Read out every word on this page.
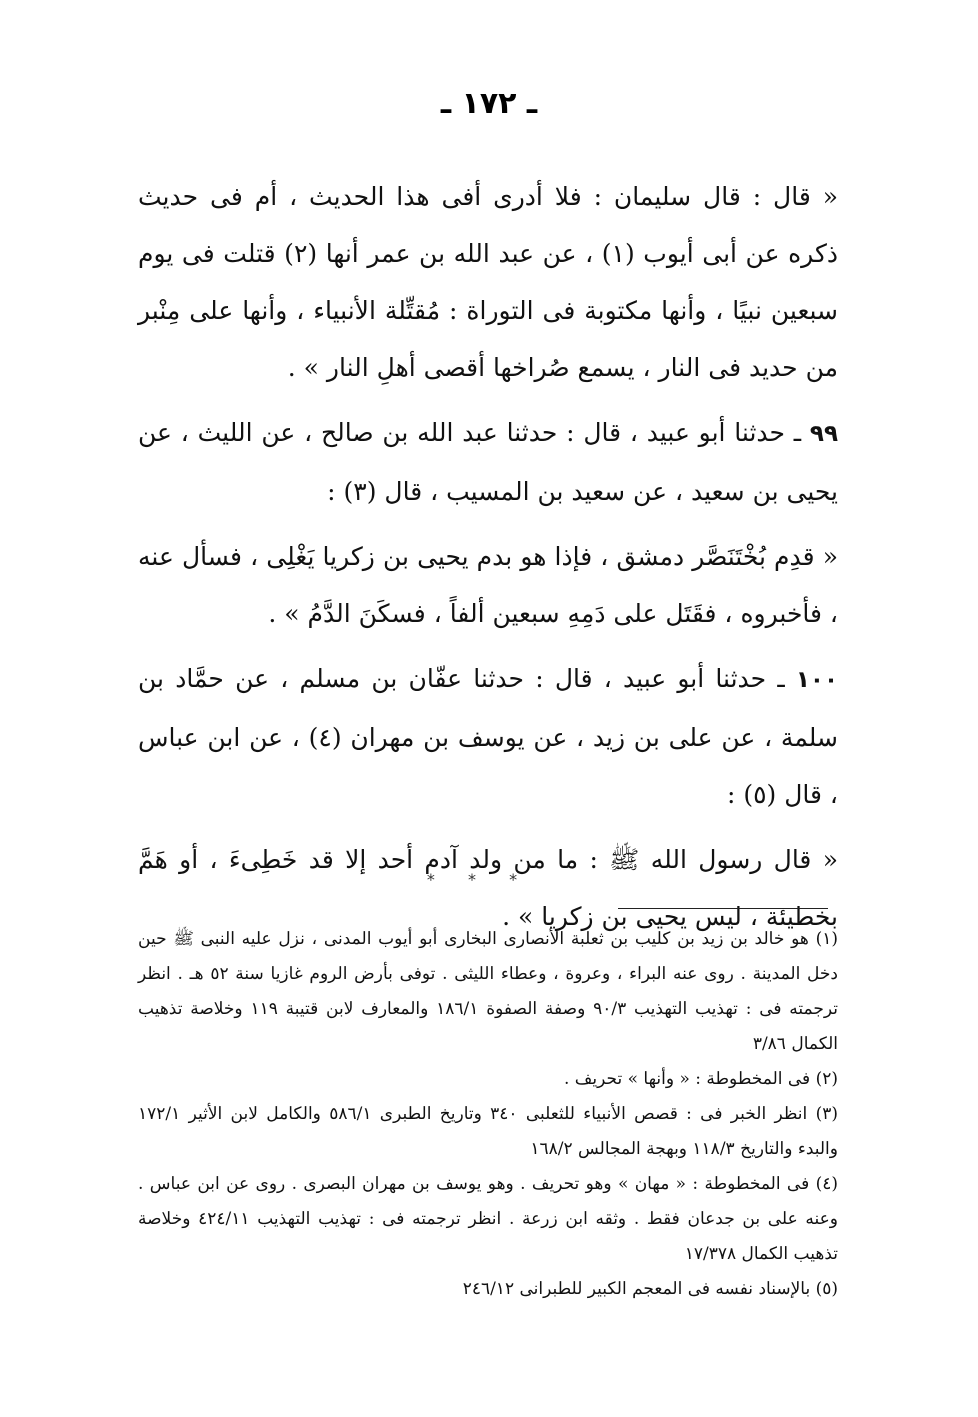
ـ ١٧٢ ـ

« قال : قال سليمان : فلا أدرى أفى هذا الحديث ، أم فى حديث ذكره عن أبى أيوب (١) ، عن عبد الله بن عمر أنها (٢) قتلت فى يوم سبعين نبيًا ، وأنها مكتوبة فى التوراة : مُقتِّلة الأنبياء ، وأنها على مِنْبر من حديد فى النار ، يسمع صُراخها أقصى أهلِ النار » .

٩٩ ـ حدثنا أبو عبيد ، قال : حدثنا عبد الله بن صالح ، عن الليث ، عن يحيى بن سعيد ، عن سعيد بن المسيب ، قال (٣) :

« قدِم بُخْتَنَصَّر دمشق ، فإذا هو بدم يحيى بن زكريا يَغْلِى ، فسأل عنه ، فأخبروه ، فقَتَل على دَمِهِ سبعين ألفاً ، فسكَنَ الدَّمُ » .

١٠٠ ـ حدثنا أبو عبيد ، قال : حدثنا عفّان بن مسلم ، عن حمَّاد بن سلمة ، عن على بن زيد ، عن يوسف بن مهران (٤) ، عن ابن عباس ، قال (٥) :

« قال رسول الله ﷺ : ما من ولد آدم أحد إلا قد خَطِىءَ ، أو هَمَّ بخطيئة ، ليس يحيى بن زكريا » .

* * *

(١) هو خالد بن زيد بن كليب بن ثعلبة الأنصارى البخارى أبو أيوب المدنى ، نزل عليه النبى ﷺ حين دخل المدينة . روى عنه البراء ، وعروة ، وعطاء الليثى . توفى بأرض الروم غازيا سنة ٥٢ هـ . انظر ترجمته فى : تهذيب التهذيب ٩٠/٣ وصفة الصفوة ١٨٦/١ والمعارف لابن قتيبة ١١٩ وخلاصة تذهيب الكمال ٣/٨٦

(٢) فى المخطوطة : « وأنها » تحريف .

(٣) انظر الخبر فى : قصص الأنبياء للثعلبى ٣٤٠ وتاريخ الطبرى ٥٨٦/١ والكامل لابن الأثير ١٧٢/١ والبدء والتاريخ ١١٨/٣ وبهجة المجالس ١٦٨/٢

(٤) فى المخطوطة : « مهان » وهو تحريف . وهو يوسف بن مهران البصرى . روى عن ابن عباس . وعنه على بن جدعان فقط . وثقه ابن زرعة . انظر ترجمته فى : تهذيب التهذيب ٤٢٤/١١ وخلاصة تذهيب الكمال ١٧/٣٧٨

(٥) بالإسناد نفسه فى المعجم الكبير للطبرانى ٢٤٦/١٢
